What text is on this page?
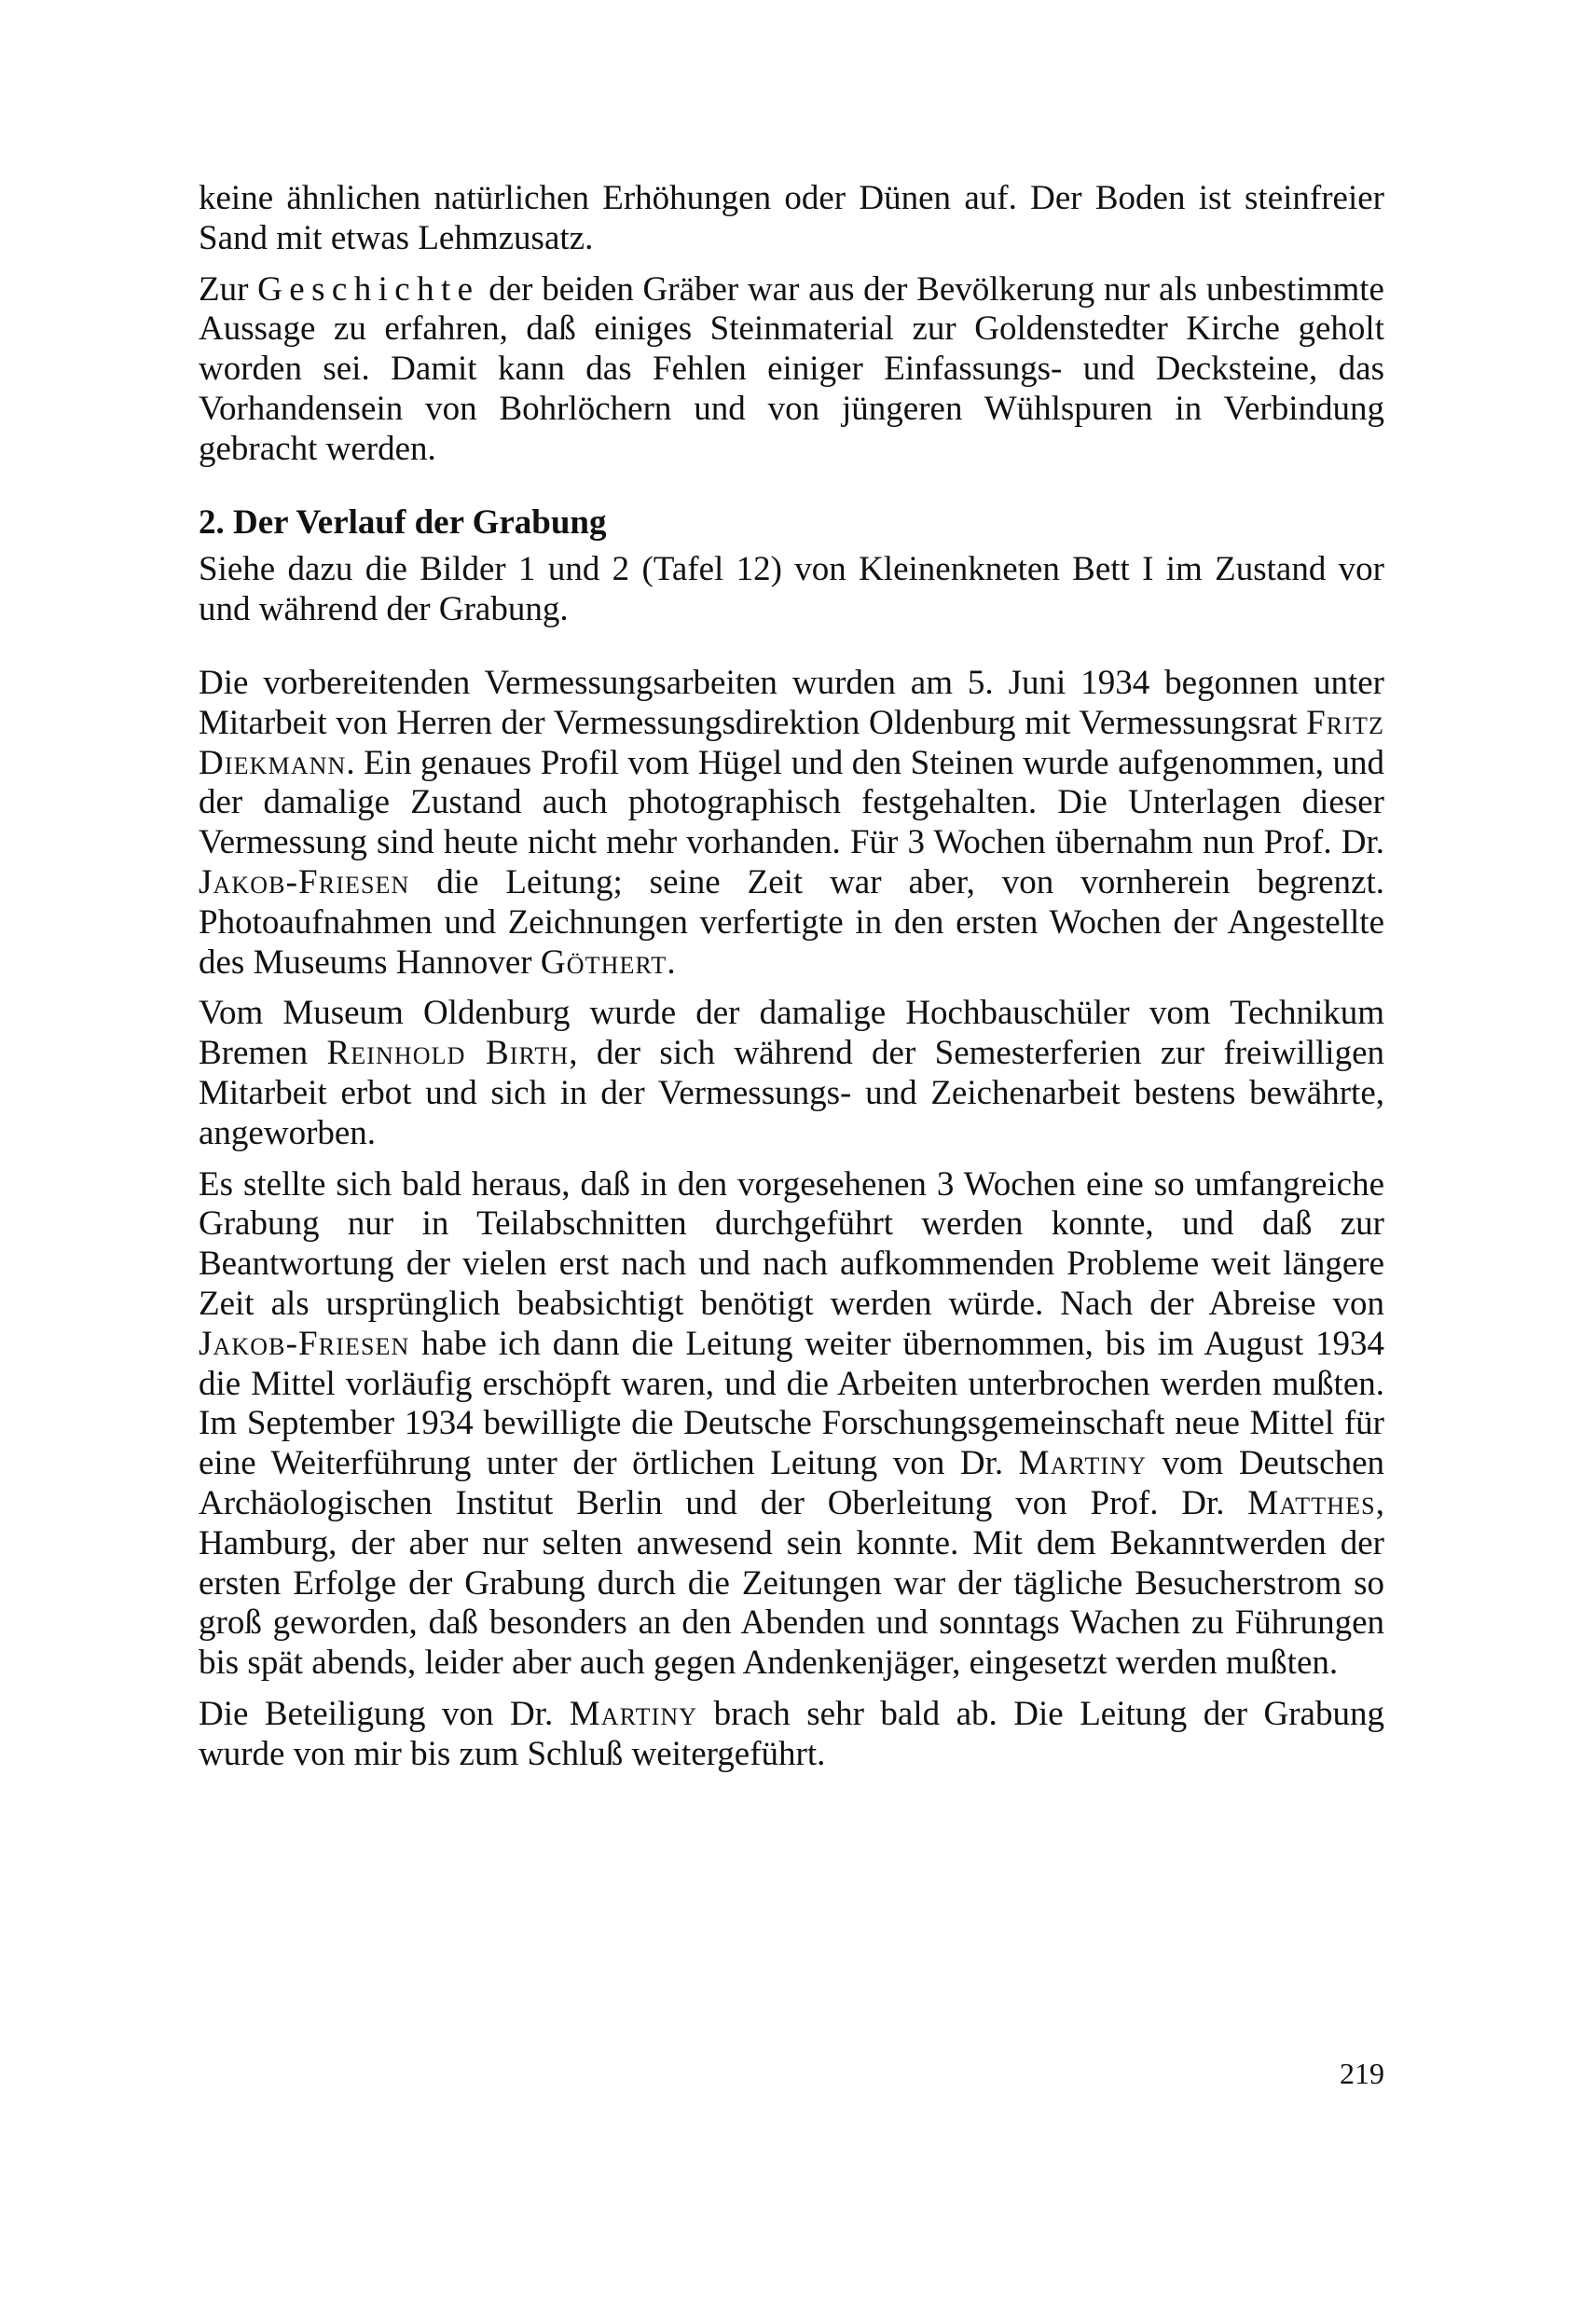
keine ähnlichen natürlichen Erhöhungen oder Dünen auf. Der Boden ist steinfreier Sand mit etwas Lehmzusatz.

Zur Geschichte der beiden Gräber war aus der Bevölkerung nur als unbestimmte Aussage zu erfahren, daß einiges Steinmaterial zur Goldenstedter Kirche geholt worden sei. Damit kann das Fehlen einiger Einfassungs- und Decksteine, das Vorhandensein von Bohrlöchern und von jüngeren Wühlspuren in Verbindung gebracht werden.

2. Der Verlauf der Grabung

Siehe dazu die Bilder 1 und 2 (Tafel 12) von Kleinenkneten Bett I im Zustand vor und während der Grabung.

Die vorbereitenden Vermessungsarbeiten wurden am 5. Juni 1934 begonnen unter Mitarbeit von Herren der Vermessungsdirektion Oldenburg mit Vermessungsrat Fritz Diekmann. Ein genaues Profil vom Hügel und den Steinen wurde aufgenommen, und der damalige Zustand auch photographisch festgehalten. Die Unterlagen dieser Vermessung sind heute nicht mehr vorhanden. Für 3 Wochen übernahm nun Prof. Dr. Jakob-Friesen die Leitung; seine Zeit war aber, von vornherein begrenzt. Photoaufnahmen und Zeichnungen verfertigte in den ersten Wochen der Angestellte des Museums Hannover Göthert.

Vom Museum Oldenburg wurde der damalige Hochbauschüler vom Technikum Bremen Reinhold Birth, der sich während der Semesterferien zur freiwilligen Mitarbeit erbot und sich in der Vermessungs- und Zeichenarbeit bestens bewährte, angeworben.

Es stellte sich bald heraus, daß in den vorgesehenen 3 Wochen eine so umfangreiche Grabung nur in Teilabschnitten durchgeführt werden konnte, und daß zur Beantwortung der vielen erst nach und nach aufkommenden Probleme weit längere Zeit als ursprünglich beabsichtigt benötigt werden würde. Nach der Abreise von Jakob-Friesen habe ich dann die Leitung weiter übernommen, bis im August 1934 die Mittel vorläufig erschöpft waren, und die Arbeiten unterbrochen werden mußten. Im September 1934 bewilligte die Deutsche Forschungsgemeinschaft neue Mittel für eine Weiterführung unter der örtlichen Leitung von Dr. Martiny vom Deutschen Archäologischen Institut Berlin und der Oberleitung von Prof. Dr. Matthes, Hamburg, der aber nur selten anwesend sein konnte. Mit dem Bekanntwerden der ersten Erfolge der Grabung durch die Zeitungen war der tägliche Besucherstrom so groß geworden, daß besonders an den Abenden und sonntags Wachen zu Führungen bis spät abends, leider aber auch gegen Andenkenjäger, eingesetzt werden mußten.

Die Beteiligung von Dr. Martiny brach sehr bald ab. Die Leitung der Grabung wurde von mir bis zum Schluß weitergeführt.

219
